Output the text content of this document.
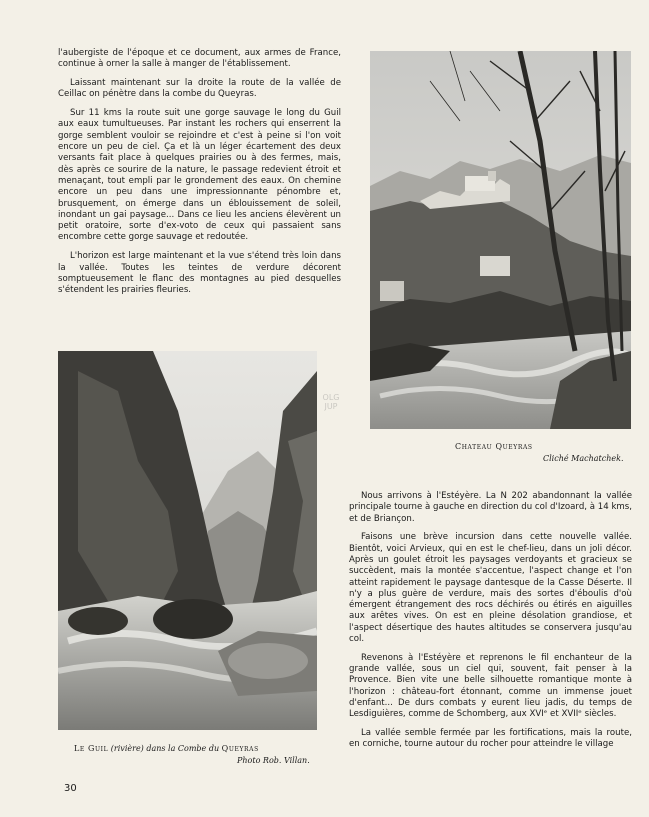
l'aubergiste de l'époque et ce document, aux armes de France, continue à orner la salle à manger de l'établissement.

Laissant maintenant sur la droite la route de la vallée de Ceillac on pénètre dans la combe du Queyras.

Sur 11 kms la route suit une gorge sauvage le long du Guil aux eaux tumultueuses. Par instant les rochers qui enserrent la gorge semblent vouloir se rejoindre et c'est à peine si l'on voit encore un peu de ciel. Ça et là un léger écartement des deux versants fait place à quelques prairies ou à des fermes, mais, dès après ce sourire de la nature, le passage redevient étroit et menaçant, tout empli par le grondement des eaux. On chemine encore un peu dans une impressionnante pénombre et, brusquement, on émerge dans un éblouissement de soleil, inondant un gai paysage... Dans ce lieu les anciens élevèrent un petit oratoire, sorte d'ex-voto de ceux qui passaient sans encombre cette gorge sauvage et redoutée.

L'horizon est large maintenant et la vue s'étend très loin dans la vallée. Toutes les teintes de verdure décorent somptueusement le flanc des montagnes au pied desquelles s'étendent les prairies fleuries.

Chateau Queyras
Cliché Machatchek.
OLG JUP
Le Guil (rivière) dans la Combe du Queyras
Photo Rob. Villan.

Nous arrivons à l'Estéyère. La N 202 abandonnant la vallée principale tourne à gauche en direction du col d'Izoard, à 14 kms, et de Briançon.

Faisons une brève incursion dans cette nouvelle vallée. Bientôt, voici Arvieux, qui en est le chef-lieu, dans un joli décor. Après un goulet étroit les paysages verdoyants et gracieux se succèdent, mais la montée s'accentue, l'aspect change et l'on atteint rapidement le paysage dantesque de la Casse Déserte. Il n'y a plus guère de verdure, mais des sortes d'éboulis d'où émergent étrangement des rocs déchirés ou étirés en aiguilles aux arêtes vives. On est en pleine désolation grandiose, et l'aspect désertique des hautes altitudes se conservera jusqu'au col.

Revenons à l'Estéyère et reprenons le fil enchanteur de la grande vallée, sous un ciel qui, souvent, fait penser à la Provence. Bien vite une belle silhouette romantique monte à l'horizon : château-fort étonnant, comme un immense jouet d'enfant... De durs combats y eurent lieu jadis, du temps de Lesdiguières, comme de Schomberg, aux XVIᵉ et XVIIᵉ siècles.

La vallée semble fermée par les fortifications, mais la route, en corniche, tourne autour du rocher pour atteindre le village

30
